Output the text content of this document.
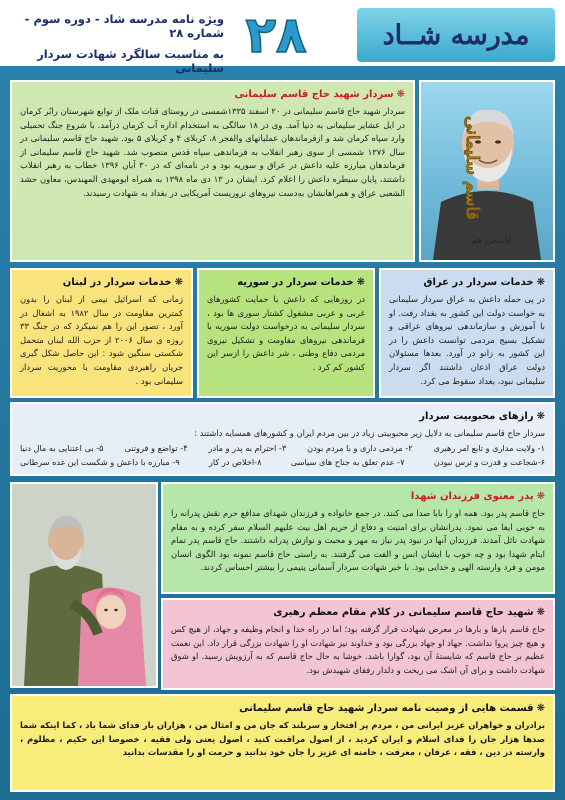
مدرسه شــاد
۲۸
ویژه نامه مدرسه شاد - دوره سوم - شماره ۲۸
به مناسبت سالگرد شهادت سردار سلیمانی
قاسم سلیمانی
قاسمن هم
❋سردار شهید حاج قاسم سلیمانی
سردار شهید حاج قاسم سلیمانی در ۲۰ اسفند ۱۳۳۵شمسی در روستای قنات ملک از توابع شهرستان رابُر کرمان در ایل عشایر سلیمانی به دنیا آمد. وی در ۱۸ سالگی به استخدام اداره آب کرمان درآمد. با شروع جنگ تحمیلی وارد سپاه کرمان شد و ازفرماندهان عملیاتهای والفجر ۸، کربلای ۴ و کربلای ۵ بود. شهید حاج قاسم سلیمانی در سال ۱۳۷۶ شمسی از سوی رهبر انقلاب به فرماندهی سپاه قدس منصوب شد. شهید حاج قاسم سلیمانی از فرماندهان مبارزه علیه داعش در عراق و سوریه بود و در نامه‌ای که در ۳۰ آبان ۱۳۹۶ خطاب به رهبر انقلاب داشتند، پایان سیطره داعش را اعلام کرد. ایشان در ۱۳ دی ماه ۱۳۹۸ به همراه ابومهدی المهندس، معاون حشد الشعبی عراق و همراهانشان به‌دست نیروهای تروریست آمریکایی در بغداد به شهادت رسیدند.
❋خدمات سردار در عراق
در پی حمله داعش به عراق سردار سلیمانی به خواست دولت این کشور به بغداد رفت. او با آموزش و سازماندهی نیروهای عراقی و تشکیل بسیج مردمی توانست داعش را در این کشور به زانو در آورد. بعدها مسئولان دولت عراق اذعان داشتند اگر سردار سلیمانی نبود، بغداد سقوط می کرد.
❋خدمات سردار در سوریه
در روزهایی که داعش با حمایت کشورهای غربی و عربی مشغول کشتار سوری ها بود ، سردار سلیمانی به درخواست دولت سوریه با فرماندهی نیروهای مقاومت و تشکیل نیروی مردمی دفاع وطنی ، شر داعش را ازسر این کشور کم کرد .
❋خدمات سردار در لبنان
زمانی که اسرائیل نیمی از لبنان را بدون کمترین مقاومت در سال ۱۹۸۲ به اشغال در آورد ، تصور این را هم نمیکرد که در جنگ ۳۳ روزه ی سال ۲۰۰۶ از حزب الله لبنان متحمل شکستی سنگین شود : این حاصل شکل گیری جریان راهبردی مقاومت با محوریت سردار سلیمانی بود .
❋رازهای محبوبیت سردار
سردار حاج قاسم سلیمانی به دلایل زیر محبوبیتی زیاد در بین مردم ایران و کشورهای همسایه داشتند :
۱- ولایت مداری و تابع امر رهبری
۲- مردمی داری و با مردم بودن
۳- احترام به پدر و مادر
۴- تواضع و فروتنی
۵- بی اعتنایی به مال دنیا
۶-شجاعت و قدرت و ترس نبودن
۷- عدم تعلق به جناح های سیاسی
۸-اخلاص در کار
۹- مبارزه با داعش و شکست این غده سرطانی
❋پدر معنوی فرزندان شهدا
حاج قاسم پدر بود. همه او را بابا صدا می کنند. در جمع خانواده و فرزندان شهدای مدافع حرم نقش پدرانه را به خوبی ایفا می نمود. پدرانشان برای امنیت و دفاع از حریم اهل بیت علیهم السلام سفر کرده و به مقام شهادت نائل آمدند. فرزندان آنها در نبود پدر نیاز به مهر و محبت و نوازش پدرانه داشتند. حاج قاسم پدر تمام ایتام شهدا بود و چه خوب با ایشان انس و الفت می گرفتند. به راستی حاج قاسم نمونه بود الگوی انسان مومن و فرد وارسته الهی و خدایی بود. با خبر شهادت سردار آسمانی یتیمی را بیشتر احساس کردند.
❋شهید حاج قاسم سلیمانی در کلام مقام معظم رهبری
حاج قاسم بارها و بارها در معرض شهادت قرار گرفته بود؛ اما در راه خدا و انجام وظیفه و جهاد، از هیچ کس و هیچ چیز پروا نداشت. جهاد او جهاد بزرگی بود و خداوند نیز شهادت او را شهادت بزرگی قرار داد. این نعمت عظیم بر حاج قاسم که شایستهٔ آن بود، گوارا باشد. خوشا به حال حاج قاسم که به آرزویش رسید. او شوق شهادت داشت و برای آن اشک می ریخت و دلدار رفقای شهیدش بود.
❋قسمت هایی از وصیت نامه سردار شهید حاج قاسم سلیمانی
برادران و خواهران عزیز ایرانی من ، مردم پر افتخار و سربلند که جان من و امثال من ، هزاران بار فدای شما باد ، کما اینکه شما صدها هزار جان را فدای اسلام و ایران کردید ، از اصول مراقبت کنید ، اصول یعنی ولی فقیه ، خصوصا این حکیم ، مظلوم ، وارسته در دین ، فقه ، عرفان ، معرفت ، خامنه ای عزیز را جان خود بدانید و حرمت او را مقدسات بدانید
